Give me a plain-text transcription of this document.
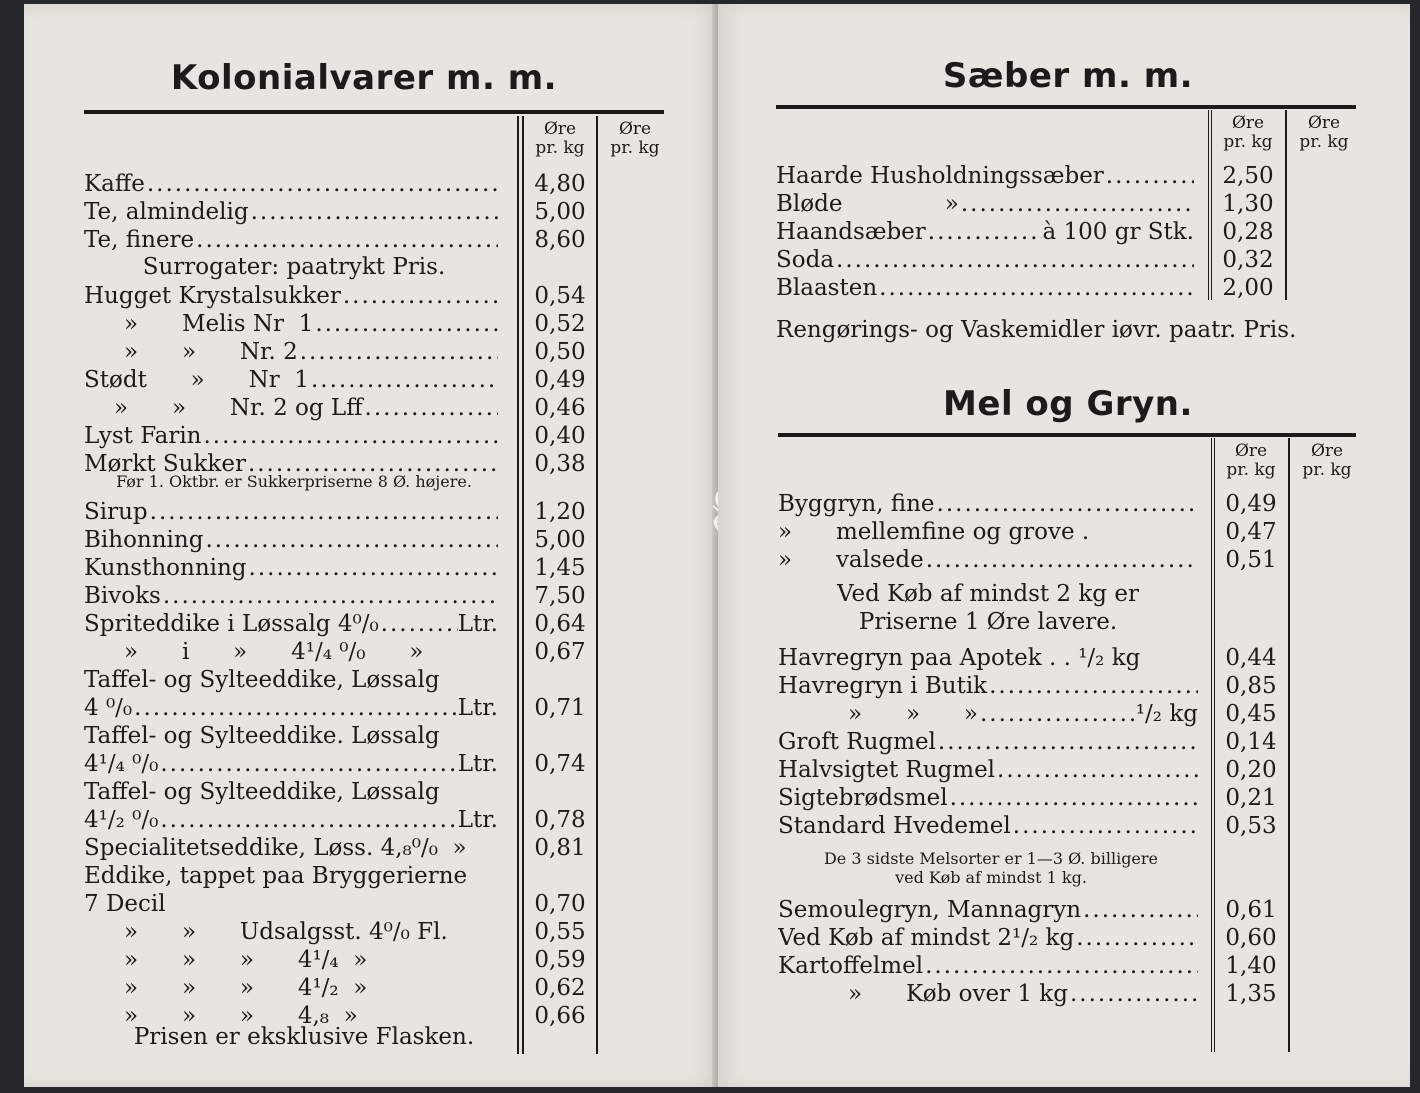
Kolonialvarer m. m.
Øre
pr. kg
Øre
pr. kg
Kaffe .....	4,80
Te, almindelig .....	5,00
Te, finere .....	8,60
Hugget Krystalsukker .....	0,54
»      Melis Nr  1 .....	0,52
»      »      Nr. 2 .....	0,50
Stødt      »      Nr  1 .....	0,49
»      »      Nr. 2 og Lff .....	0,46
Lyst Farin .....	0,40
Mørkt Sukker .....	0,38
Sirup .....	1,20
Bihonning .....	5,00
Kunsthonning .....	1,45
Bivoks .....	7,50
Spriteddike i Løssalg 4⁰/₀ .....	Ltr.	0,64
»      i      »      4¹/₄ ⁰/₀      »	0,67
Taffel- og Sylteeddike, Løssalg
4 ⁰/₀ .....	Ltr.	0,71
Taffel- og Sylteeddike. Løssalg
4¹/₄ ⁰/₀ .....	Ltr.	0,74
Taffel- og Sylteeddike, Løssalg
4¹/₂ ⁰/₀ .....	Ltr.	0,78
Specialitetseddike, Løss. 4,₈⁰/₀  »	0,81
Eddike, tappet paa Bryggerierne
7 Decil	0,70
»      »      Udsalgsst. 4⁰/₀ Fl.	0,55
»      »      »      4¹/₄  »	0,59
»      »      »      4¹/₂  »	0,62
»      »      »      4,₈  »	0,66
Surrogater: paatrykt Pris.
Før 1. Oktbr. er Sukkerpriserne 8 Ø. højere.
Prisen er eksklusive Flasken.
Sæber m. m.
Øre
pr. kg
Øre
pr. kg
Haarde Husholdningssæber .....	2,50
Bløde              » .....	1,30
Haandsæber .....	à 100 gr Stk.	0,28
Soda .....	0,32
Blaasten .....	2,00
Rengørings- og Vaskemidler iøvr. paatr. Pris.
Mel og Gryn.
Øre
pr. kg
Øre
pr. kg
Byggryn, fine .....	0,49
»      mellemfine og grove .	0,47
»      valsede .....	0,51
Havregryn paa Apotek . . ¹/₂ kg	0,44
Havregryn i Butik .....	0,85
»      »      » .....	¹/₂ kg	0,45
Groft Rugmel .....	0,14
Halvsigtet Rugmel .....	0,20
Sigtebrødsmel .....	0,21
Standard Hvedemel .....	0,53
Semoulegryn, Mannagryn .....	0,61
Ved Køb af mindst 2¹/₂ kg .....	0,60
Kartoffelmel .....	1,40
»      Køb over 1 kg .....	1,35
Ved Køb af mindst 2 kg er
Priserne 1 Øre lavere.
De 3 sidste Melsorter er 1—3 Ø. billigere
ved Køb af mindst 1 kg.
